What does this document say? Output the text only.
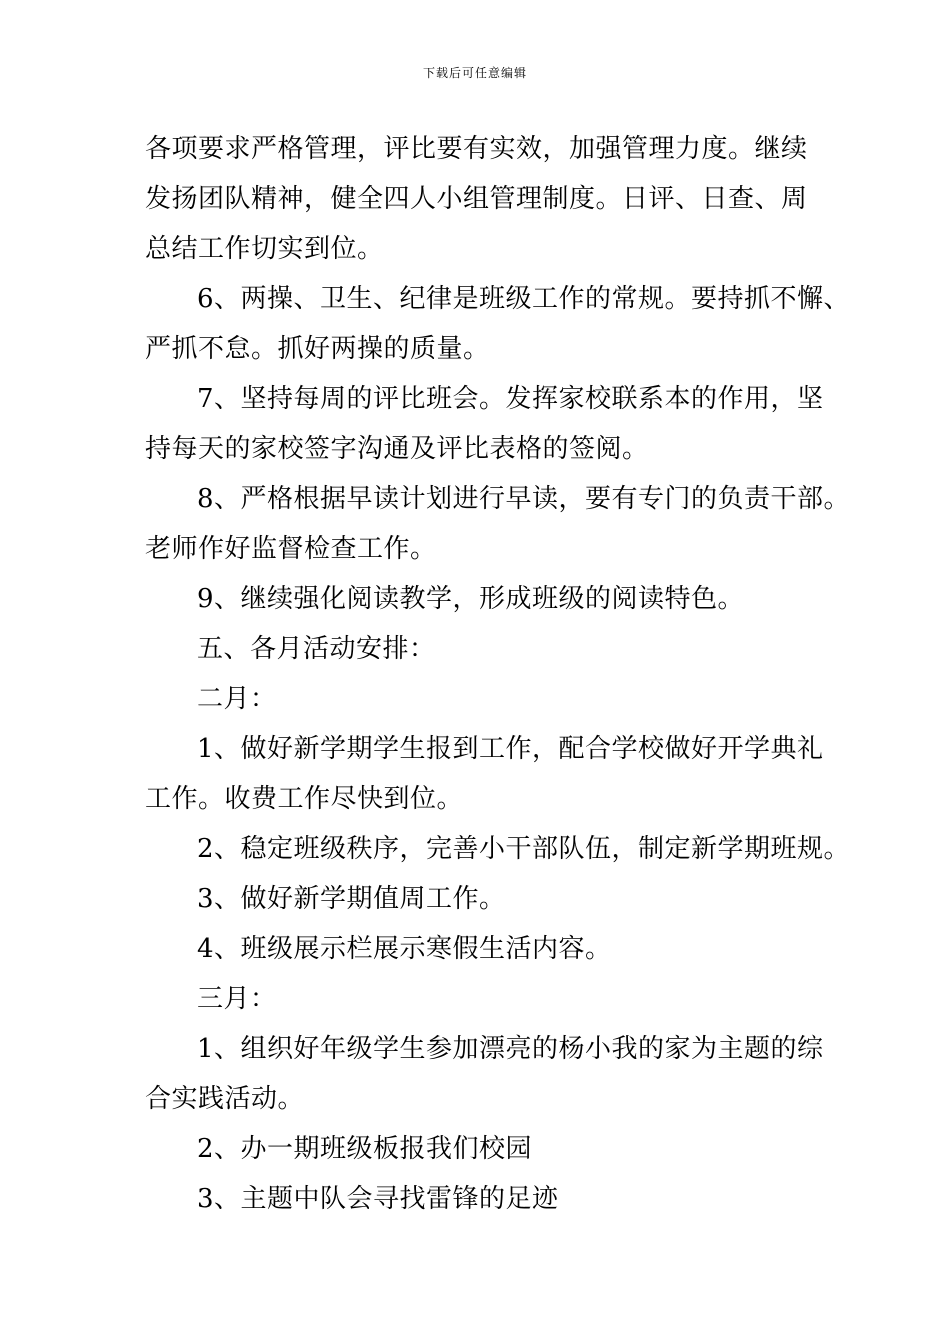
下载后可任意编辑
各项要求严格管理，评比要有实效，加强管理力度。继续
发扬团队精神，健全四人小组管理制度。日评、日查、周
总结工作切实到位。
6、两操、卫生、纪律是班级工作的常规。要持抓不懈、
严抓不怠。抓好两操的质量。
7、坚持每周的评比班会。发挥家校联系本的作用，坚
持每天的家校签字沟通及评比表格的签阅。
8、严格根据早读计划进行早读，要有专门的负责干部。
老师作好监督检查工作。
9、继续强化阅读教学，形成班级的阅读特色。
五、各月活动安排：
二月：
1、做好新学期学生报到工作，配合学校做好开学典礼
工作。收费工作尽快到位。
2、稳定班级秩序，完善小干部队伍，制定新学期班规。
3、做好新学期值周工作。
4、班级展示栏展示寒假生活内容。
三月：
1、组织好年级学生参加漂亮的杨小我的家为主题的综
合实践活动。
2、办一期班级板报我们校园
3、主题中队会寻找雷锋的足迹
